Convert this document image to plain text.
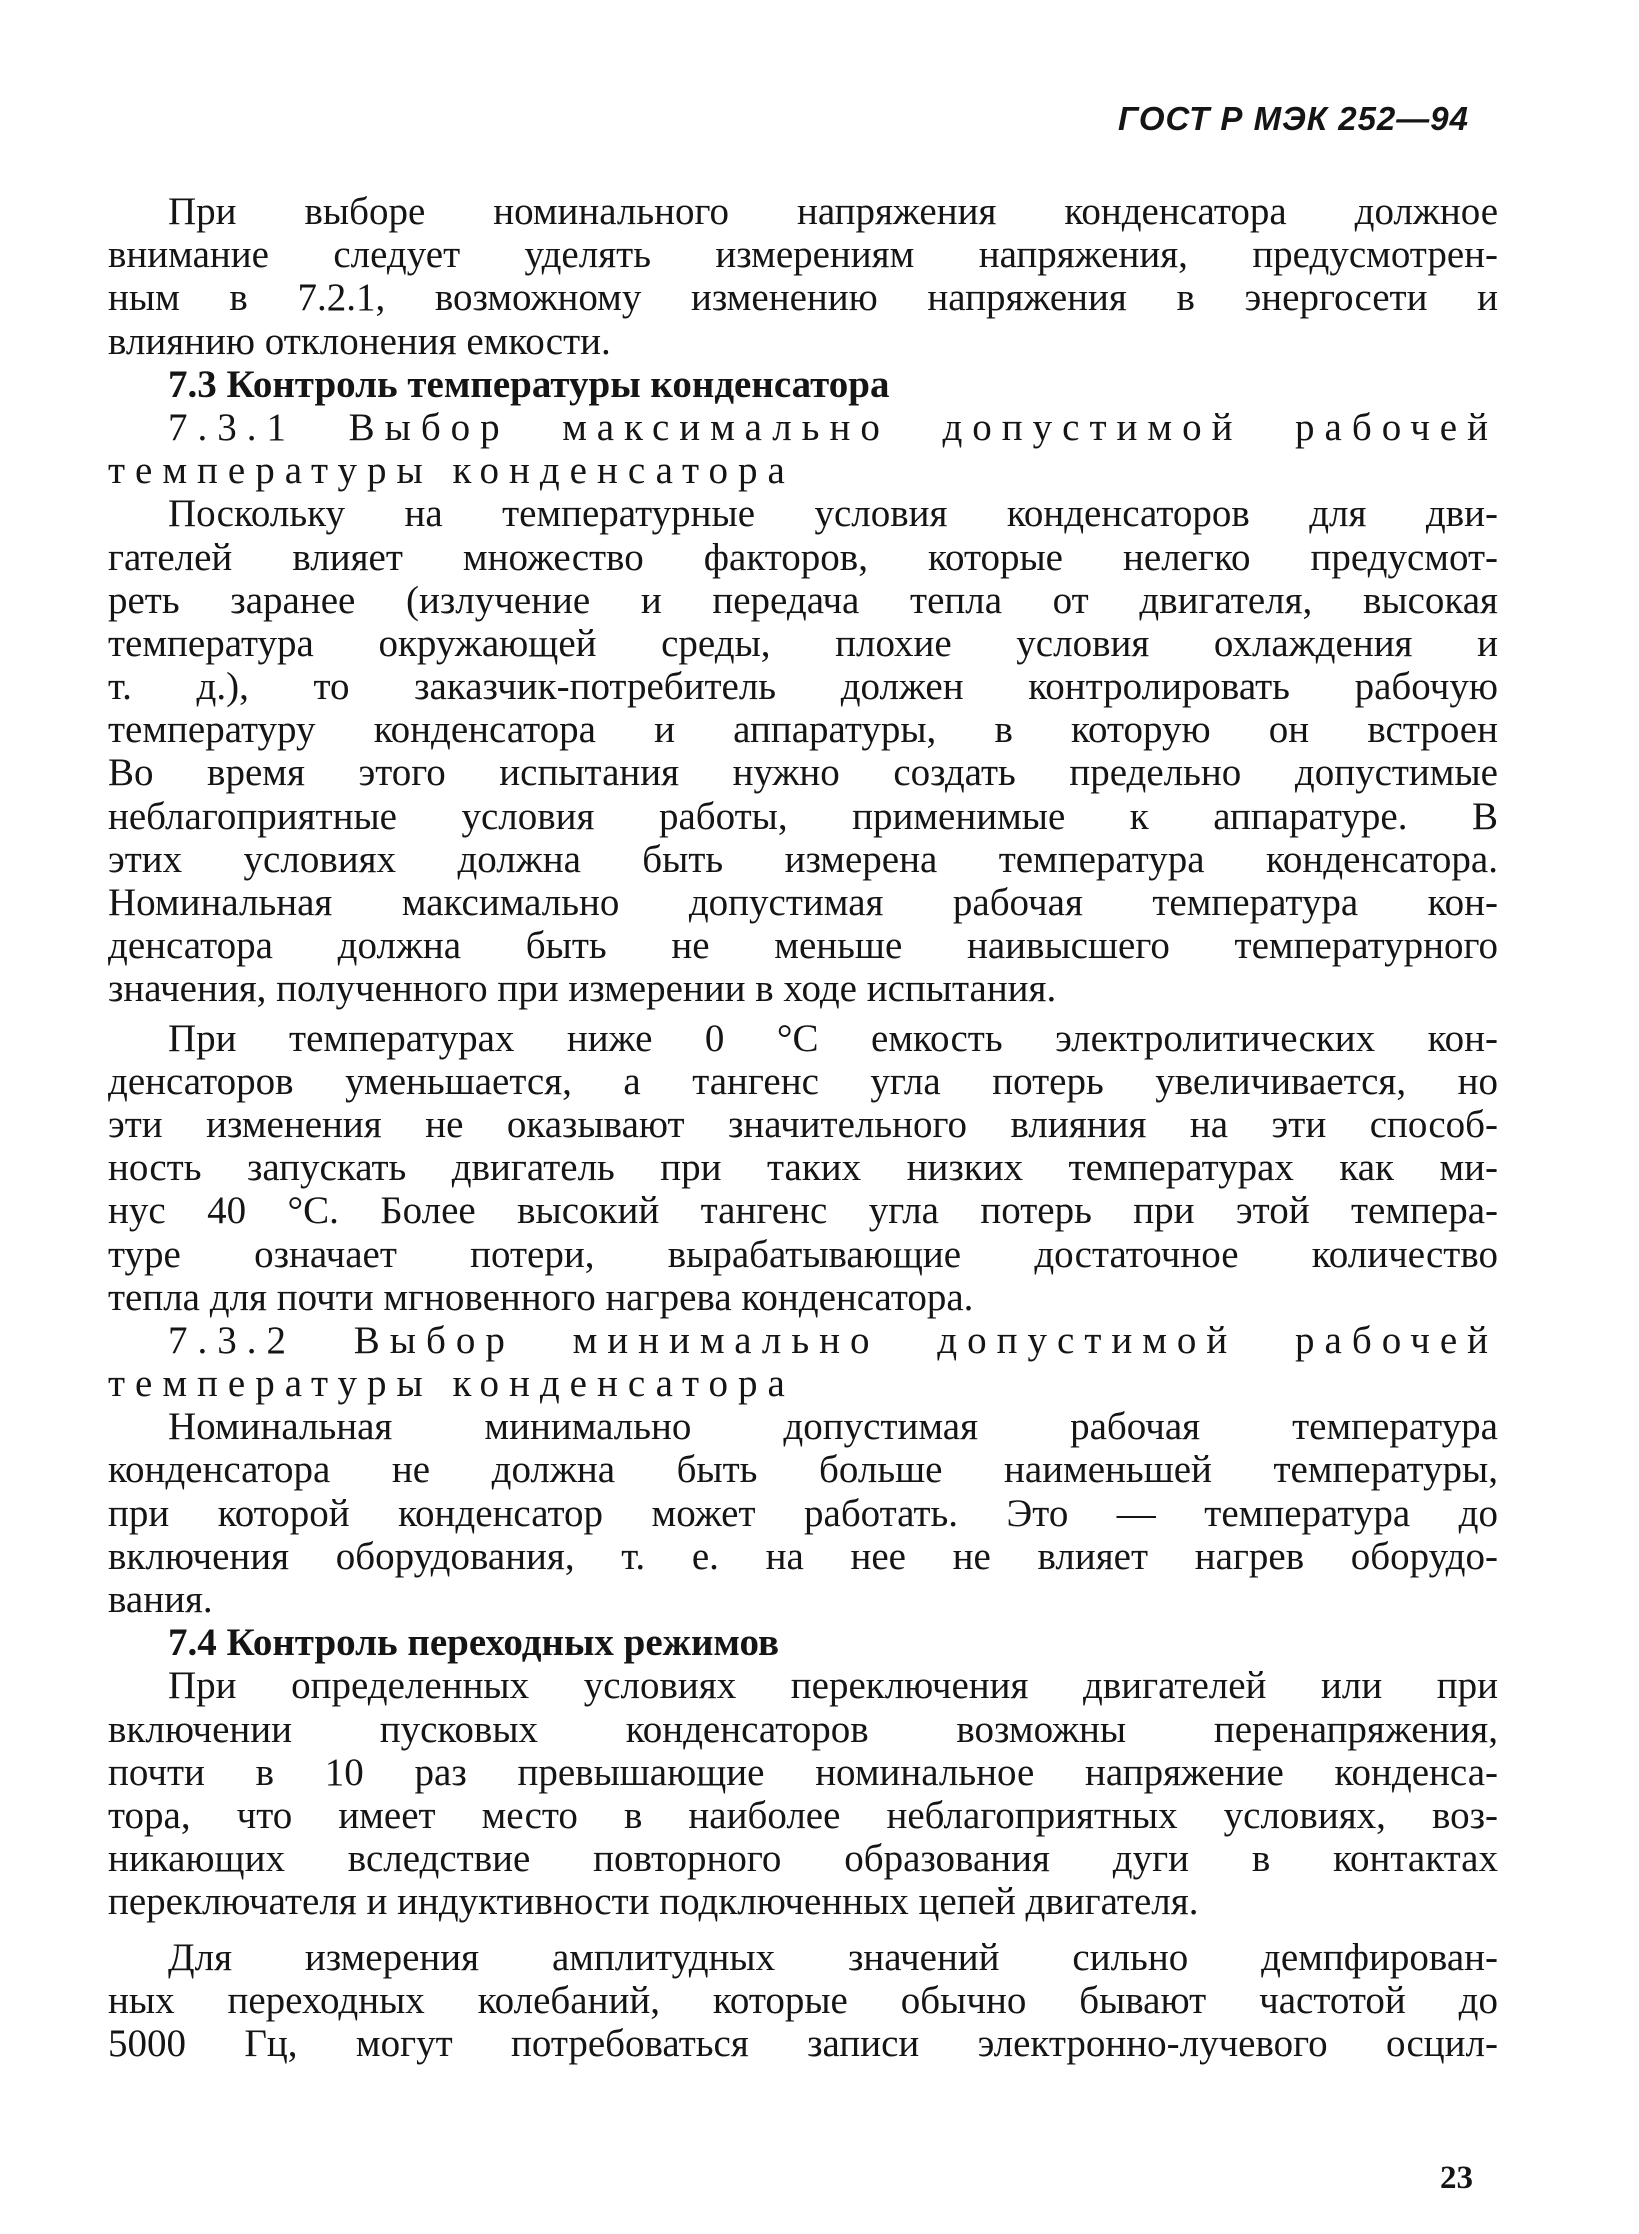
ГОСТ Р МЭК 252—94
При выборе номинального напряжения конденсатора должное
внимание следует уделять измерениям напряжения, предусмотрен-
ным в 7.2.1, возможному изменению напряжения в энергосети и
влиянию отклонения емкости.
7.3 Контроль температуры конденсатора
7.3.1 Выбор максимально допустимой рабочей
температуры конденсатора
Поскольку на температурные условия конденсаторов для дви-
гателей влияет множество факторов, которые нелегко предусмот-
реть заранее (излучение и передача тепла от двигателя, высокая
температура окружающей среды, плохие условия охлаждения и
т. д.), то заказчик-потребитель должен контролировать рабочую
температуру конденсатора и аппаратуры, в которую он встроен
Во время этого испытания нужно создать предельно допустимые
неблагоприятные условия работы, применимые к аппаратуре. В
этих условиях должна быть измерена температура конденсатора.
Номинальная максимально допустимая рабочая температура кон-
денсатора должна быть не меньше наивысшего температурного
значения, полученного при измерении в ходе испытания.
При температурах ниже 0 °С емкость электролитических кон-
денсаторов уменьшается, а тангенс угла потерь увеличивается, но
эти изменения не оказывают значительного влияния на эти способ-
ность запускать двигатель при таких низких температурах как ми-
нус 40 °С. Более высокий тангенс угла потерь при этой темпера-
туре означает потери, вырабатывающие достаточное количество
тепла для почти мгновенного нагрева конденсатора.
7.3.2 Выбор минимально допустимой рабочей
температуры конденсатора
Номинальная минимально допустимая рабочая температура
конденсатора не должна быть больше наименьшей температуры,
при которой конденсатор может работать. Это — температура до
включения оборудования, т. е. на нее не влияет нагрев оборудо-
вания.
7.4 Контроль переходных режимов
При определенных условиях переключения двигателей или при
включении пусковых конденсаторов возможны перенапряжения,
почти в 10 раз превышающие номинальное напряжение конденса-
тора, что имеет место в наиболее неблагоприятных условиях, воз-
никающих вследствие повторного образования дуги в контактах
переключателя и индуктивности подключенных цепей двигателя.
Для измерения амплитудных значений сильно демпфирован-
ных переходных колебаний, которые обычно бывают частотой до
5000 Гц, могут потребоваться записи электронно-лучевого осцил-
23
